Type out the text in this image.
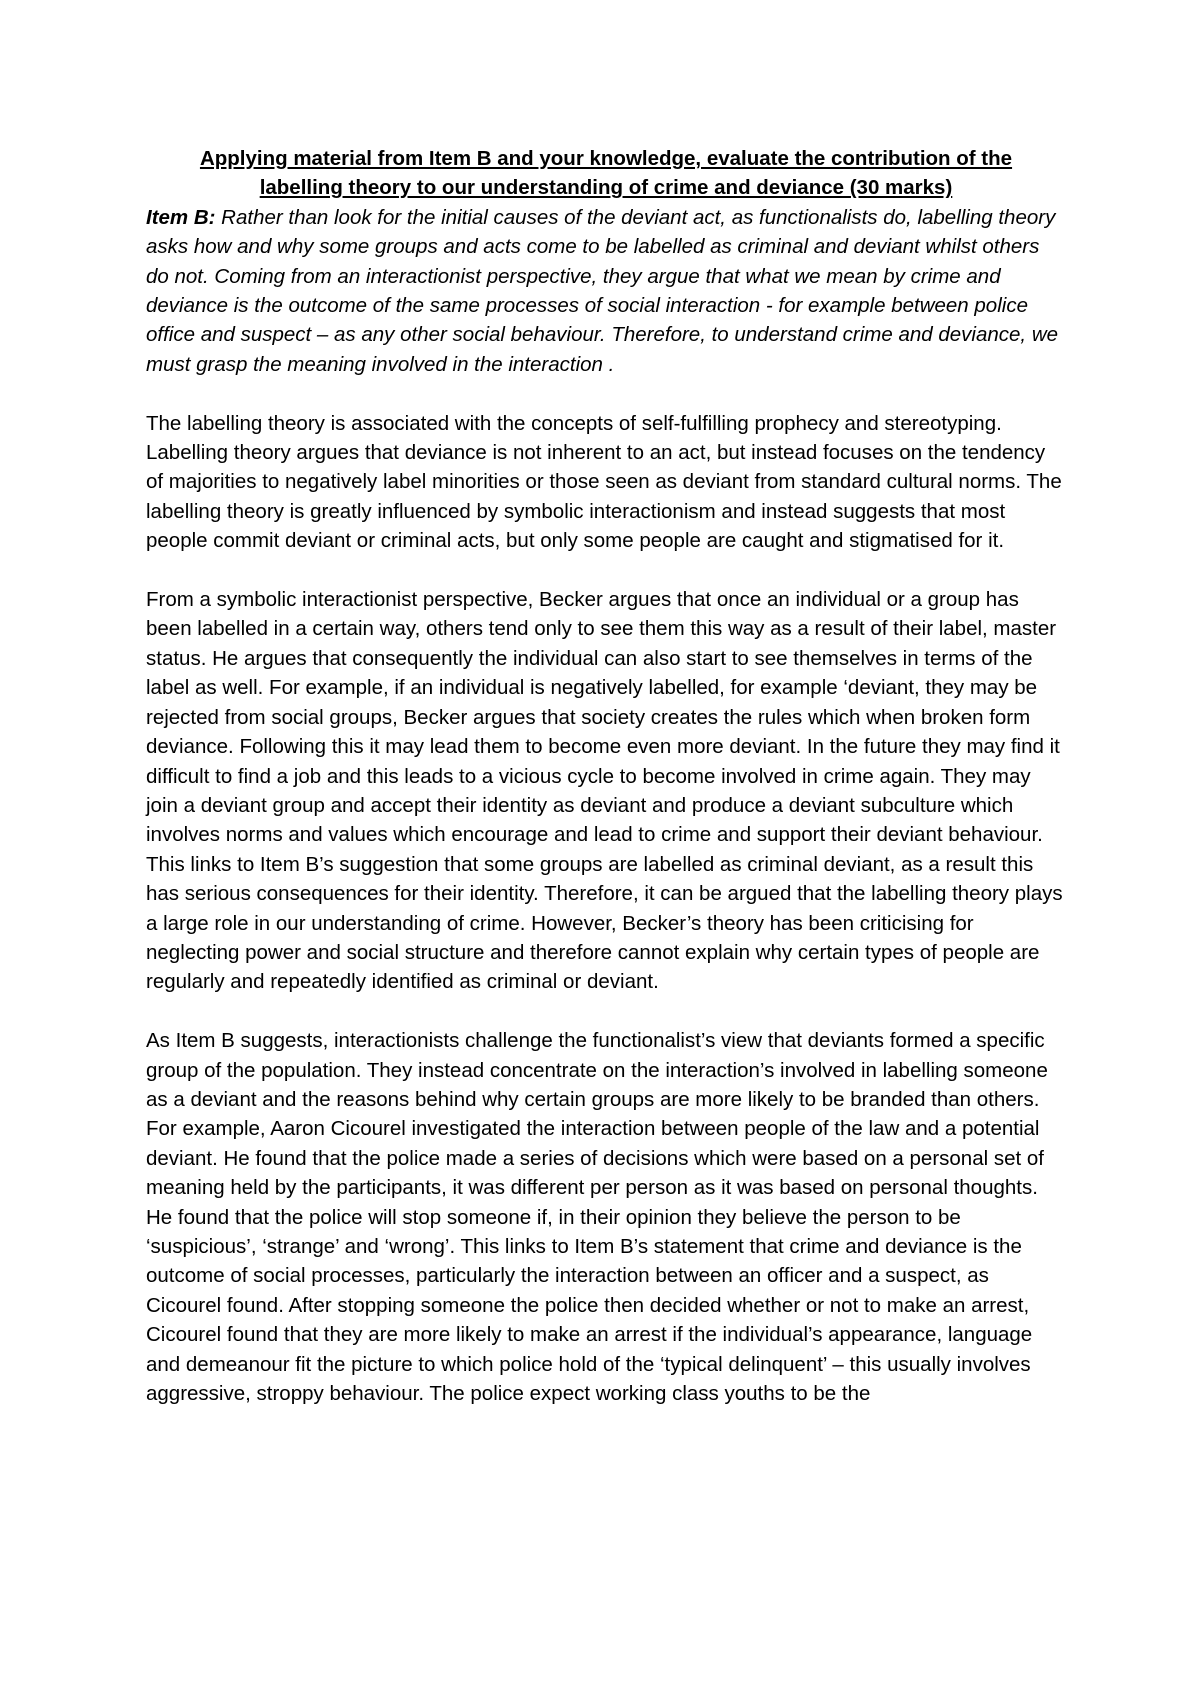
Applying material from Item B and your knowledge, evaluate the contribution of the
labelling theory to our understanding of crime and deviance (30 marks)

Item B: Rather than look for the initial causes of the deviant act, as functionalists do, labelling theory asks how and why some groups and acts come to be labelled as criminal and deviant whilst others do not. Coming from an interactionist perspective, they argue that what we mean by crime and deviance is the outcome of the same processes of social interaction - for example between police office and suspect – as any other social behaviour. Therefore, to understand crime and deviance, we must grasp the meaning involved in the interaction .

The labelling theory is associated with the concepts of self-fulfilling prophecy and stereotyping. Labelling theory argues that deviance is not inherent to an act, but instead focuses on the tendency of majorities to negatively label minorities or those seen as deviant from standard cultural norms. The labelling theory is greatly influenced by symbolic interactionism and instead suggests that most people commit deviant or criminal acts, but only some people are caught and stigmatised for it.

From a symbolic interactionist perspective, Becker argues that once an individual or a group has been labelled in a certain way, others tend only to see them this way as a result of their label, master status. He argues that consequently the individual can also start to see themselves in terms of the label as well. For example, if an individual is negatively labelled, for example ‘deviant, they may be rejected from social groups, Becker argues that society creates the rules which when broken form deviance. Following this it may lead them to become even more deviant. In the future they may find it difficult to find a job and this leads to a vicious cycle to become involved in crime again. They may join a deviant group and accept their identity as deviant and produce a deviant subculture which involves norms and values which encourage and lead to crime and support their deviant behaviour. This links to Item B’s suggestion that some groups are labelled as criminal deviant, as a result this has serious consequences for their identity. Therefore, it can be argued that the labelling theory plays a large role in our understanding of crime. However, Becker’s theory has been criticising for neglecting power and social structure and therefore cannot explain why certain types of people are regularly and repeatedly identified as criminal or deviant.

As Item B suggests, interactionists challenge the functionalist’s view that deviants formed a specific group of the population. They instead concentrate on the interaction’s involved in labelling someone as a deviant and the reasons behind why certain groups are more likely to be branded than others. For example, Aaron Cicourel investigated the interaction between people of the law and a potential deviant. He found that the police made a series of decisions which were based on a personal set of meaning held by the participants, it was different per person as it was based on personal thoughts. He found that the police will stop someone if, in their opinion they believe the person to be ‘suspicious’, ‘strange’ and ‘wrong’. This links to Item B’s statement that crime and deviance is the outcome of social processes, particularly the interaction between an officer and a suspect, as Cicourel found. After stopping someone the police then decided whether or not to make an arrest, Cicourel found that they are more likely to make an arrest if the individual’s appearance, language and demeanour fit the picture to which police hold of the ‘typical delinquent’ – this usually involves aggressive, stroppy behaviour. The police expect working class youths to be the
